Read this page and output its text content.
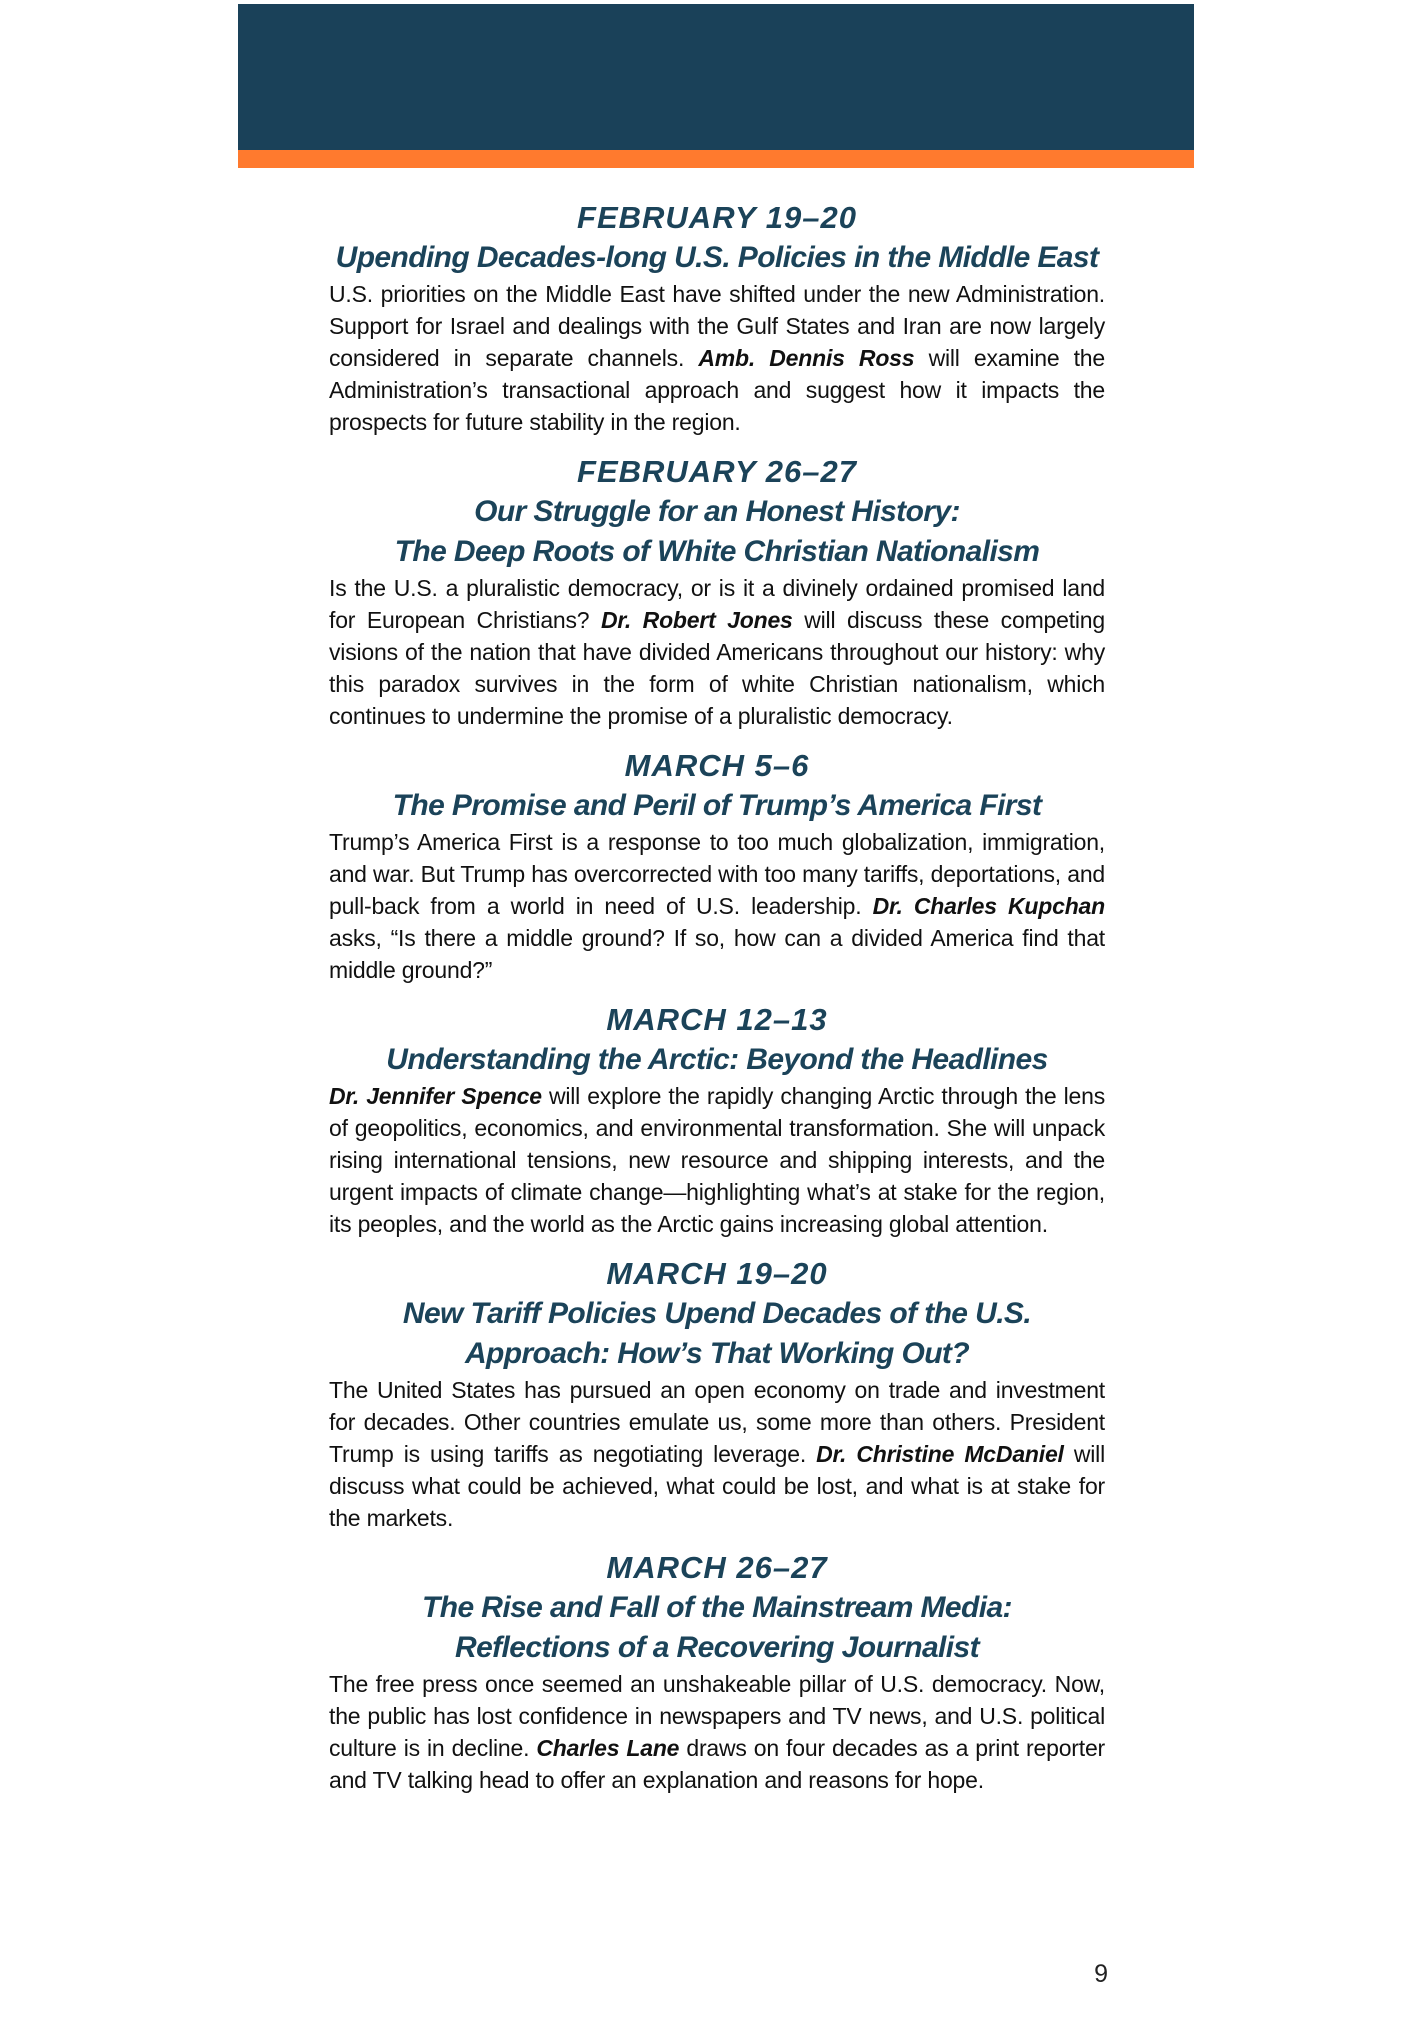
FEBRUARY 19–20
Upending Decades-long U.S. Policies in the Middle East
U.S. priorities on the Middle East have shifted under the new Administration. Support for Israel and dealings with the Gulf States and Iran are now largely considered in separate channels. Amb. Dennis Ross will examine the Administration’s transactional approach and suggest how it impacts the prospects for future stability in the region.
FEBRUARY 26–27
Our Struggle for an Honest History:
The Deep Roots of White Christian Nationalism
Is the U.S. a pluralistic democracy, or is it a divinely ordained promised land for European Christians? Dr. Robert Jones will discuss these competing visions of the nation that have divided Americans throughout our history: why this paradox survives in the form of white Christian nationalism, which continues to undermine the promise of a pluralistic democracy.
MARCH 5–6
The Promise and Peril of Trump’s America First
Trump’s America First is a response to too much globalization, immigration, and war. But Trump has overcorrected with too many tariffs, deportations, and pull-back from a world in need of U.S. leadership. Dr. Charles Kupchan asks, “Is there a middle ground? If so, how can a divided America find that middle ground?”
MARCH 12–13
Understanding the Arctic: Beyond the Headlines
Dr. Jennifer Spence will explore the rapidly changing Arctic through the lens of geopolitics, economics, and environmental transformation. She will unpack rising international tensions, new resource and shipping interests, and the urgent impacts of climate change—highlighting what’s at stake for the region, its peoples, and the world as the Arctic gains increasing global attention.
MARCH 19–20
New Tariff Policies Upend Decades of the U.S.
Approach: How’s That Working Out?
The United States has pursued an open economy on trade and investment for decades. Other countries emulate us, some more than others. President Trump is using tariffs as negotiating leverage. Dr. Christine McDaniel will discuss what could be achieved, what could be lost, and what is at stake for the markets.
MARCH 26–27
The Rise and Fall of the Mainstream Media:
Reflections of a Recovering Journalist
The free press once seemed an unshakeable pillar of U.S. democracy. Now, the public has lost confidence in newspapers and TV news, and U.S. political culture is in decline. Charles Lane draws on four decades as a print reporter and TV talking head to offer an explanation and reasons for hope.
9
